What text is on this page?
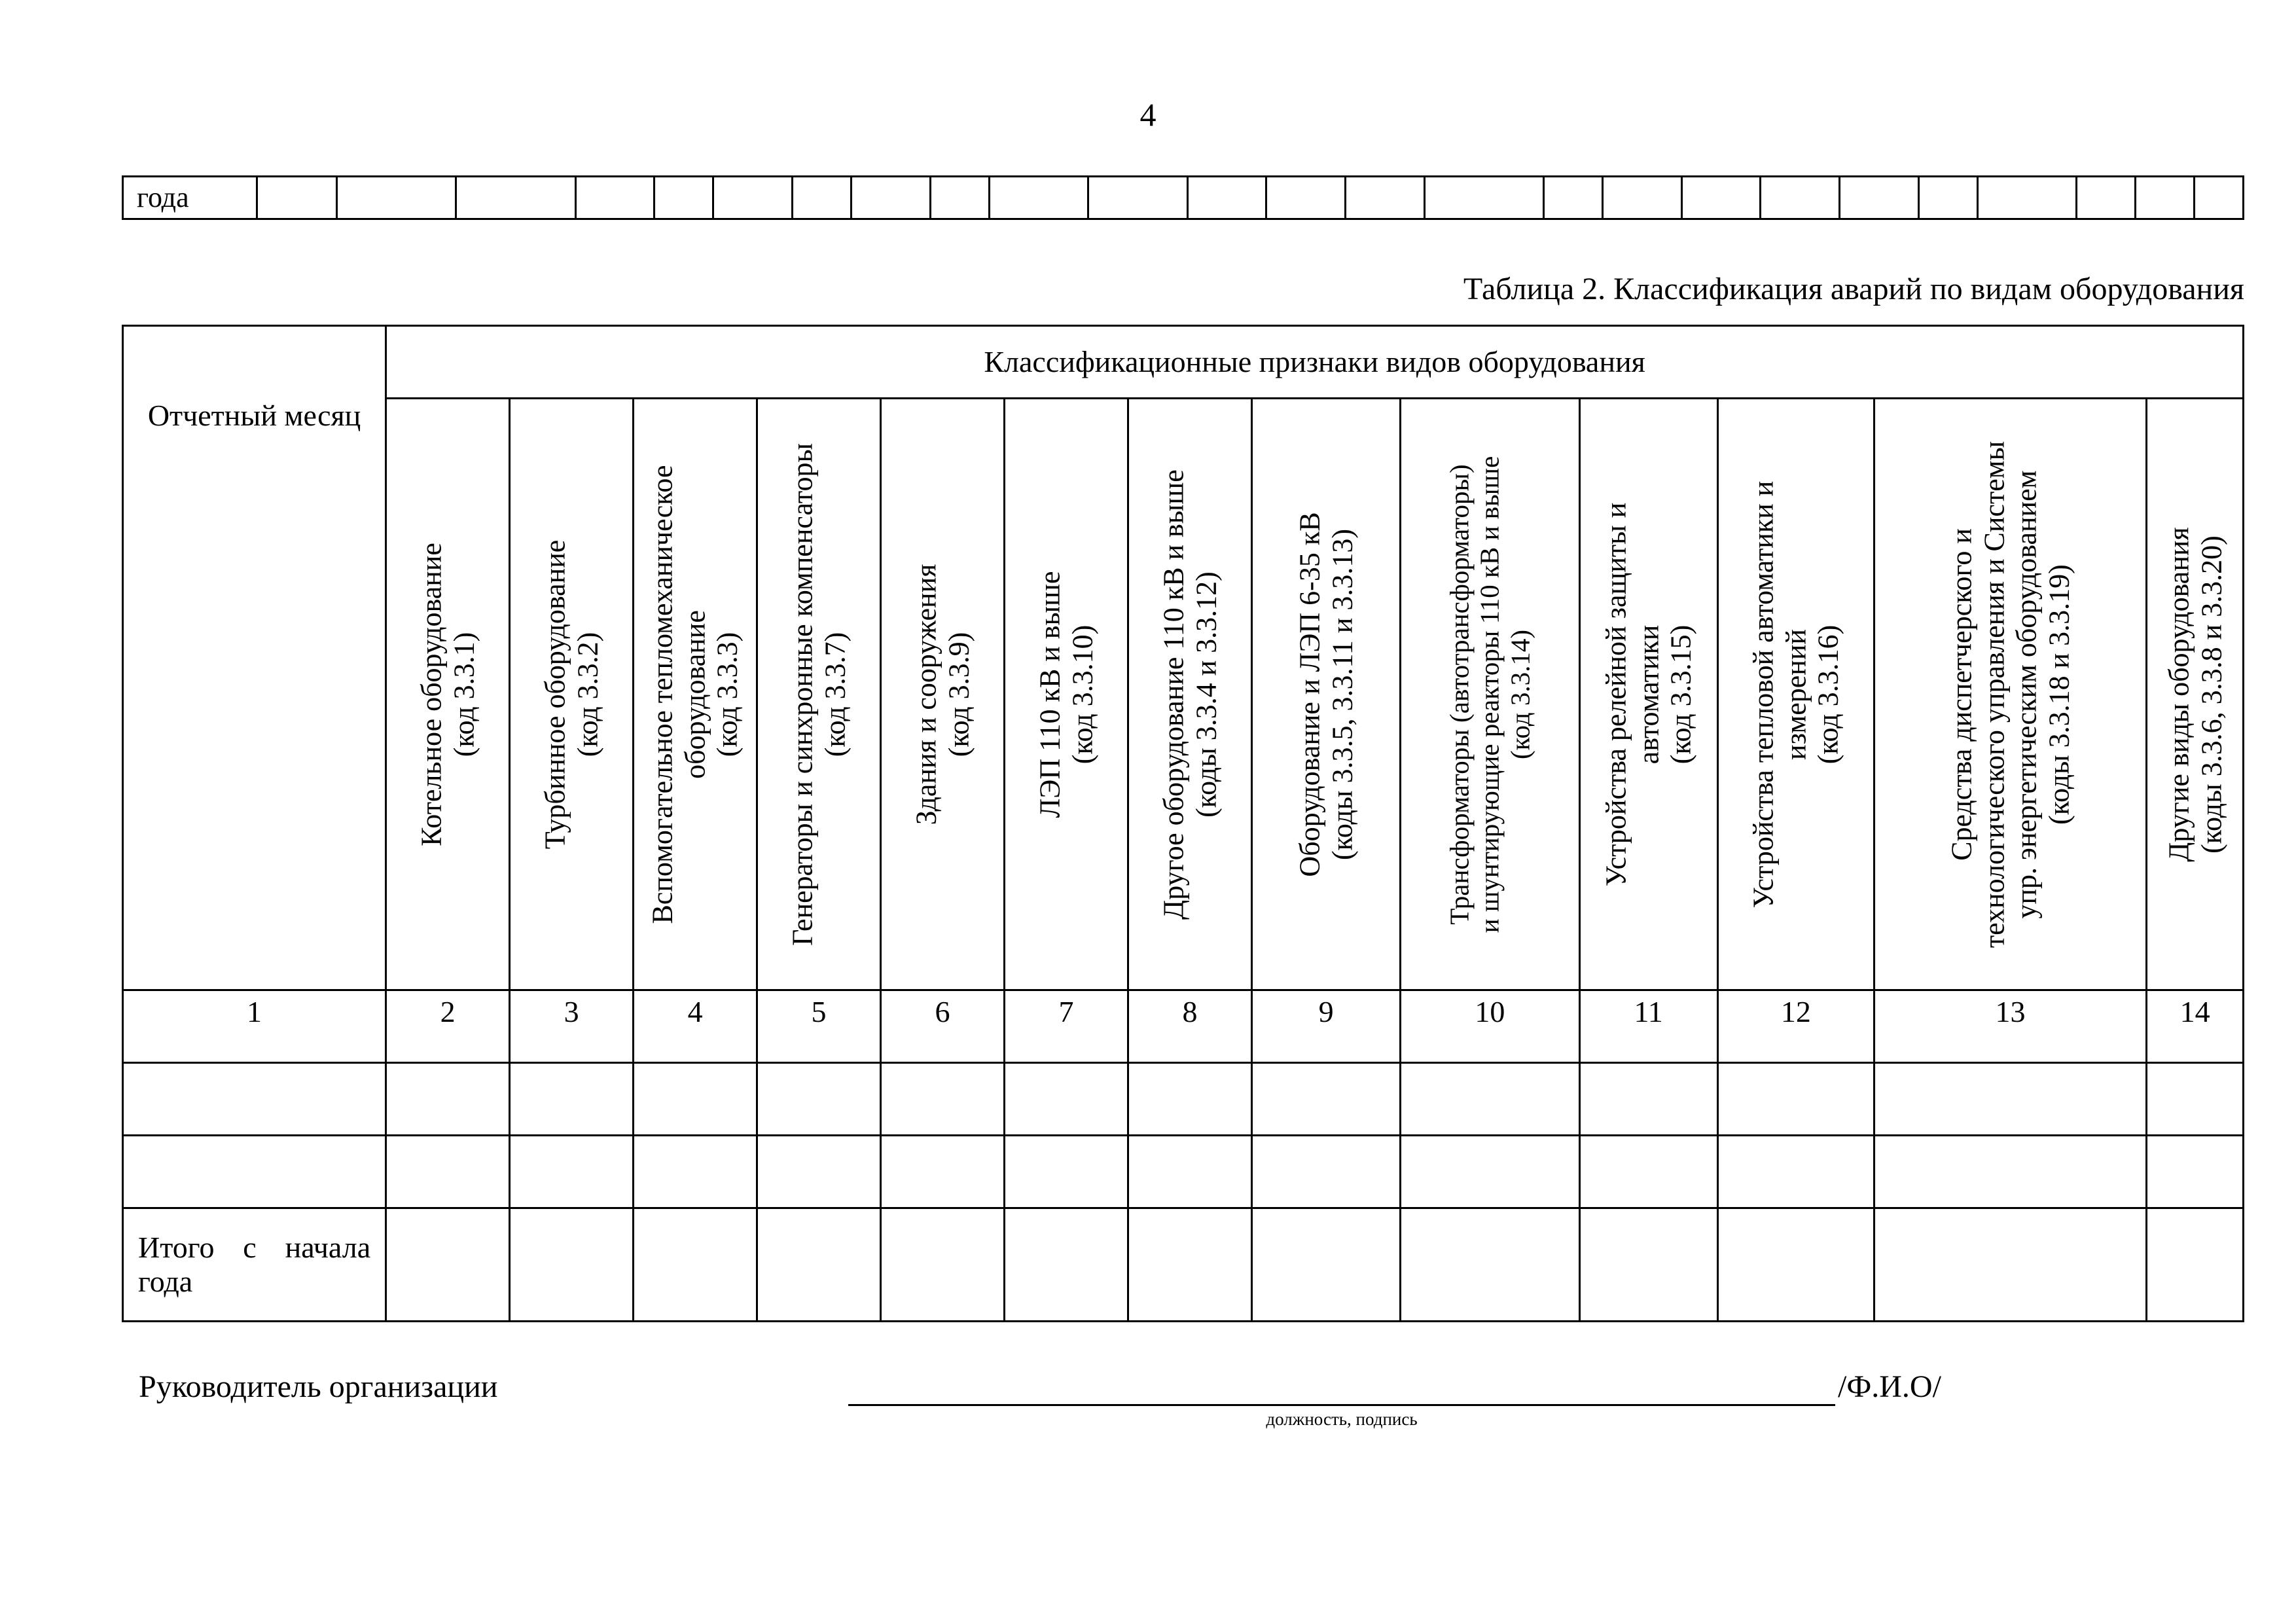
4
года																									
Таблица 2. Классификация аварий по видам оборудования
Отчетный месяц	Классификационные признаки видов оборудования												

	Котельное оборудование (код 3.3.1)	Турбинное оборудование (код 3.3.2)	Вспомогательное тепломеханическое оборудование (код 3.3.3)	Генераторы и синхронные компенсаторы (код 3.3.7)	Здания и сооружения (код 3.3.9)	ЛЭП 110 кВ и выше (код 3.3.10)	Другое оборудование 110 кВ и выше (коды 3.3.4 и 3.3.12)	Оборудование и ЛЭП 6-35 кВ (коды 3.3.5, 3.3.11 и 3.3.13)	Трансформаторы (автотрансформаторы) и шунтирующие реакторы 110 кВ и выше (код 3.3.14)	Устройства релейной защиты и автоматики (код 3.3.15)	Устройства тепловой автоматики и измерений (код 3.3.16)	Средства диспетчерского и технологического управления и Системы упр. энергетическим оборудованием (коды 3.3.18 и 3.3.19)	Другие виды оборудования (коды 3.3.6, 3.3.8 и 3.3.20)

1	2	3	4	5	6	7	8	9	10	11	12	13	14

Итого с начала года													
Руководитель организации	/Ф.И.О/
должность, подпись
